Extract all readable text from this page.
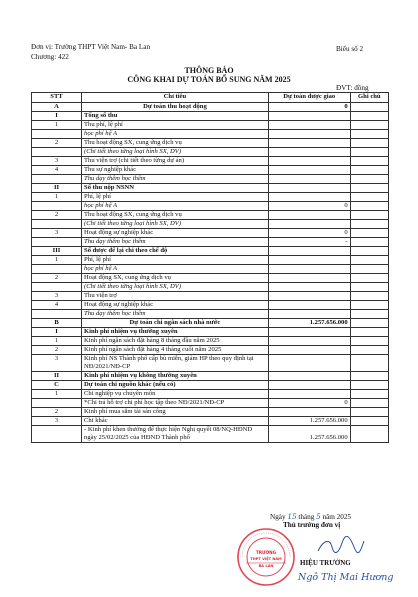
Đơn vị: Trường THPT Việt Nam- Ba Lan
Chương: 422
Biểu số 2
THÔNG BÁO
CÔNG KHAI DỰ TOÁN BỔ SUNG NĂM 2025
ĐVT: đồng
STT	Chỉ tiêu	Dự toán được giao	Ghi chú
A	Dự toán thu hoạt động	0	
I	Tổng số thu		
1	Thu phí, lệ phí		
	học phí hệ A		
2	Thu hoạt động SX, cung ứng dịch vụ		
	(Chi tiết theo từng loại hình SX, DV)		
3	Thu viện trợ (chi tiết theo từng dự án)		
4	Thu sự nghiệp khác		
	Thu dạy thêm học thêm		
II	Số thu nộp NSNN		
1	Phí, lệ phí		
	học phí hệ A	0	
2	Thu hoạt động SX, cung ứng dịch vụ		
	(Chi tiết theo từng loại hình SX, DV)		
3	Hoạt động sự nghiệp khác	0	
	Thu dạy thêm học thêm	-	
III	Số được để lại chi theo chế độ		
1	Phí, lệ phí		
	học phí hệ A		
2	Hoạt động SX, cung ứng dịch vụ		
	(Chi tiết theo từng loại hình SX, DV)		
3	Thu viện trợ		
4	Hoạt động sự nghiệp khác		
	Thu dạy thêm học thêm		
B	Dự toán chi ngân sách nhà nước	1.257.656.000	
I	Kinh phí nhiệm vụ thường xuyên		
1	Kinh phí ngân sách đặt hàng 8 tháng đầu năm 2025		
2	Kinh phí ngân sách đặt hàng 4 tháng cuối năm 2025		
3	Kinh phí NS Thành phố cấp bù miễn, giảm HP theo quy định tại NĐ/2021/NĐ-CP		
II	Kinh phí nhiệm vụ không thường xuyên		
C	Dự toán chi nguồn khác (nếu có)		
1	Chi nghiệp vụ chuyên môn		
	*Chi trả hỗ trợ chi phí học tập theo NĐ/2021/NĐ-CP	0	
2	Kinh phí mua sắm tài sản công		
3	Chi khác	1.257.656.000	
	- Kinh phí khen thưởng để thực hiện Nghị quyết 08/NQ-HĐND ngày 25/02/2025 của HĐND Thành phố	1.257.656.000	
Ngày 15 tháng 5 năm 2025
Thủ trưởng đơn vị
TRƯỜNG
THPT VIỆT NAM
BA LAN	HIỆU TRƯỞNG
Ngô Thị Mai Hương
